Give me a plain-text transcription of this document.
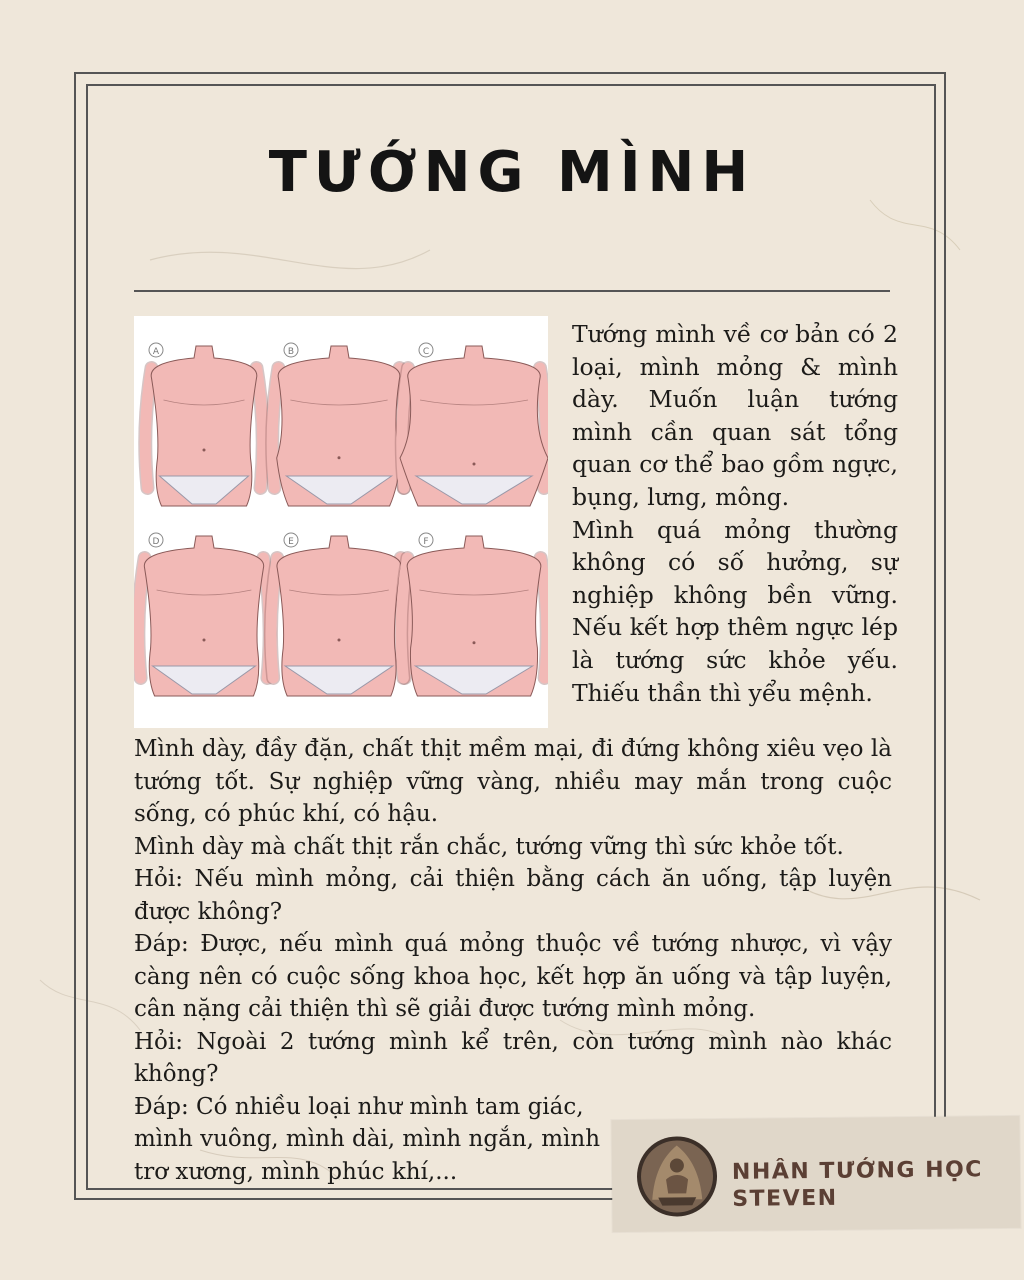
TƯỚNG MÌNH
A	B	C
D	E	F

Tướng mình về cơ bản có 2 loại, mình mỏng & mình dày. Muốn luận tướng mình cần quan sát tổng quan cơ thể bao gồm ngực, bụng, lưng, mông.

Mình quá mỏng thường không có số hưởng, sự nghiệp không bền vững. Nếu kết hợp thêm ngực lép là tướng sức khỏe yếu. Thiếu thần thì yểu mệnh.

Mình dày, đầy đặn, chất thịt mềm mại, đi đứng không xiêu vẹo là tướng tốt. Sự nghiệp vững vàng, nhiều may mắn trong cuộc sống, có phúc khí, có hậu.

Mình dày mà chất thịt rắn chắc, tướng vững thì sức khỏe tốt.

Hỏi: Nếu mình mỏng, cải thiện bằng cách ăn uống, tập luyện được không?

Đáp: Được, nếu mình quá mỏng thuộc về tướng nhược, vì vậy càng nên có cuộc sống khoa học, kết hợp ăn uống và tập luyện, cân nặng cải thiện thì sẽ giải được tướng mình mỏng.

Hỏi: Ngoài 2 tướng mình kể trên, còn tướng mình nào khác không?

Đáp: Có nhiều loại như mình tam giác, mình vuông, mình dài, mình ngắn, mình trơ xương, mình phúc khí,...	NHÂN TƯỚNG HỌC
STEVEN
